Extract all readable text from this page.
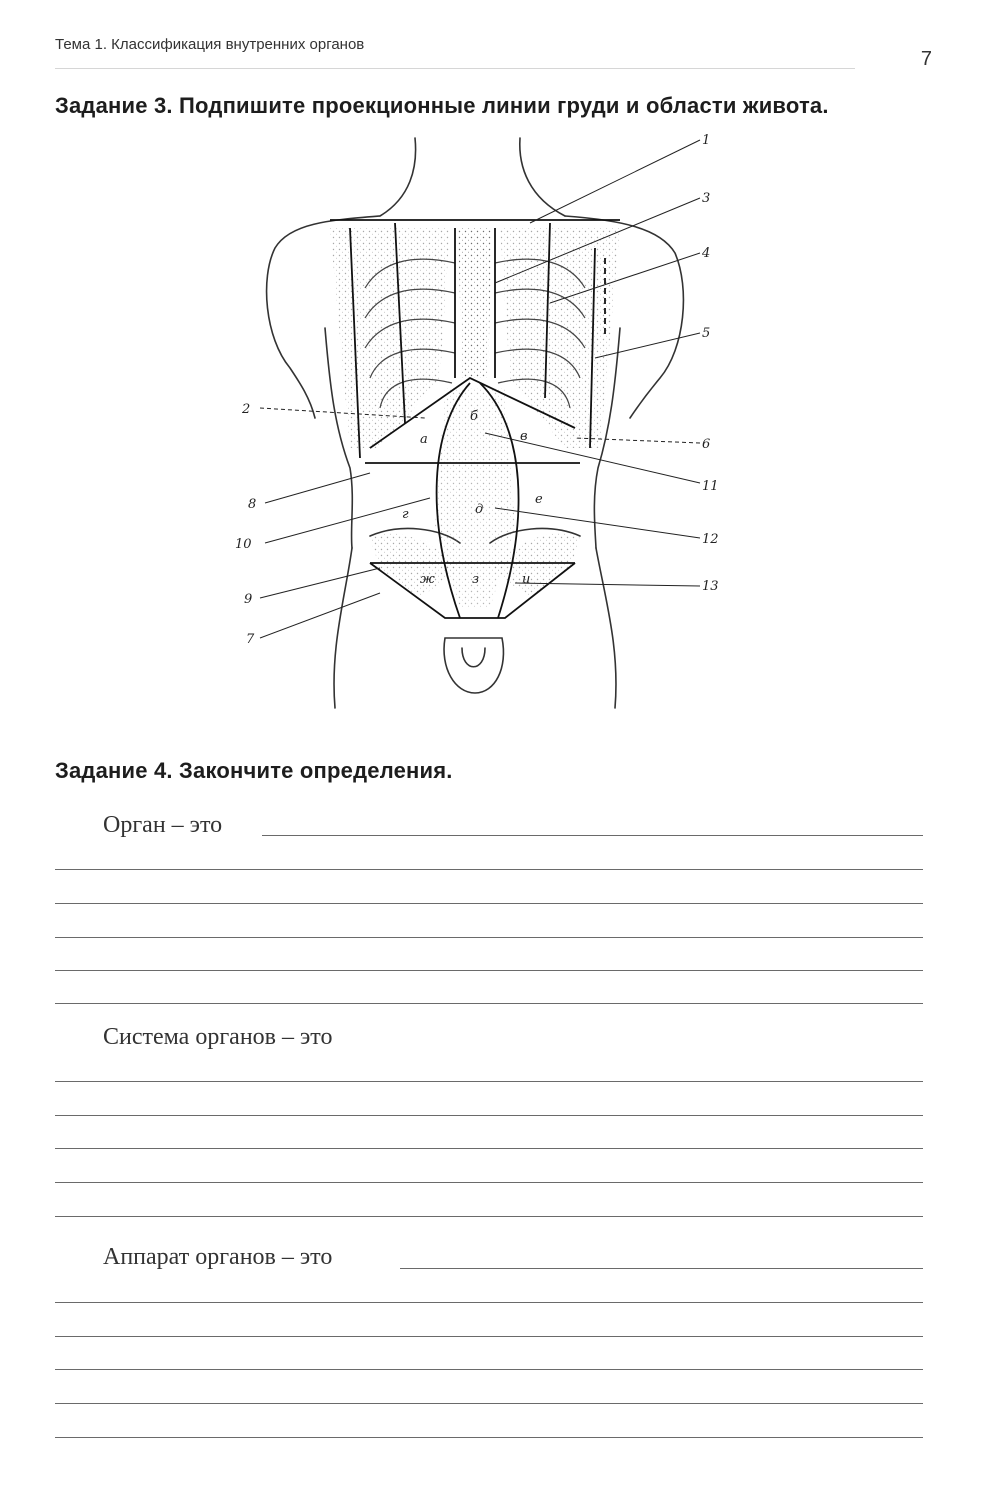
Тема 1. Классификация внутренних органов
7
Задание 3. Подпишите проекционные линии груди и области живота.
1
2
3
4
5
6
7
8
9
10
11
12
13
а
б
в
г	д
е
ж	з	и
Задание 4. Закончите определения.
Орган – это
Система органов – это
Аппарат органов – это
